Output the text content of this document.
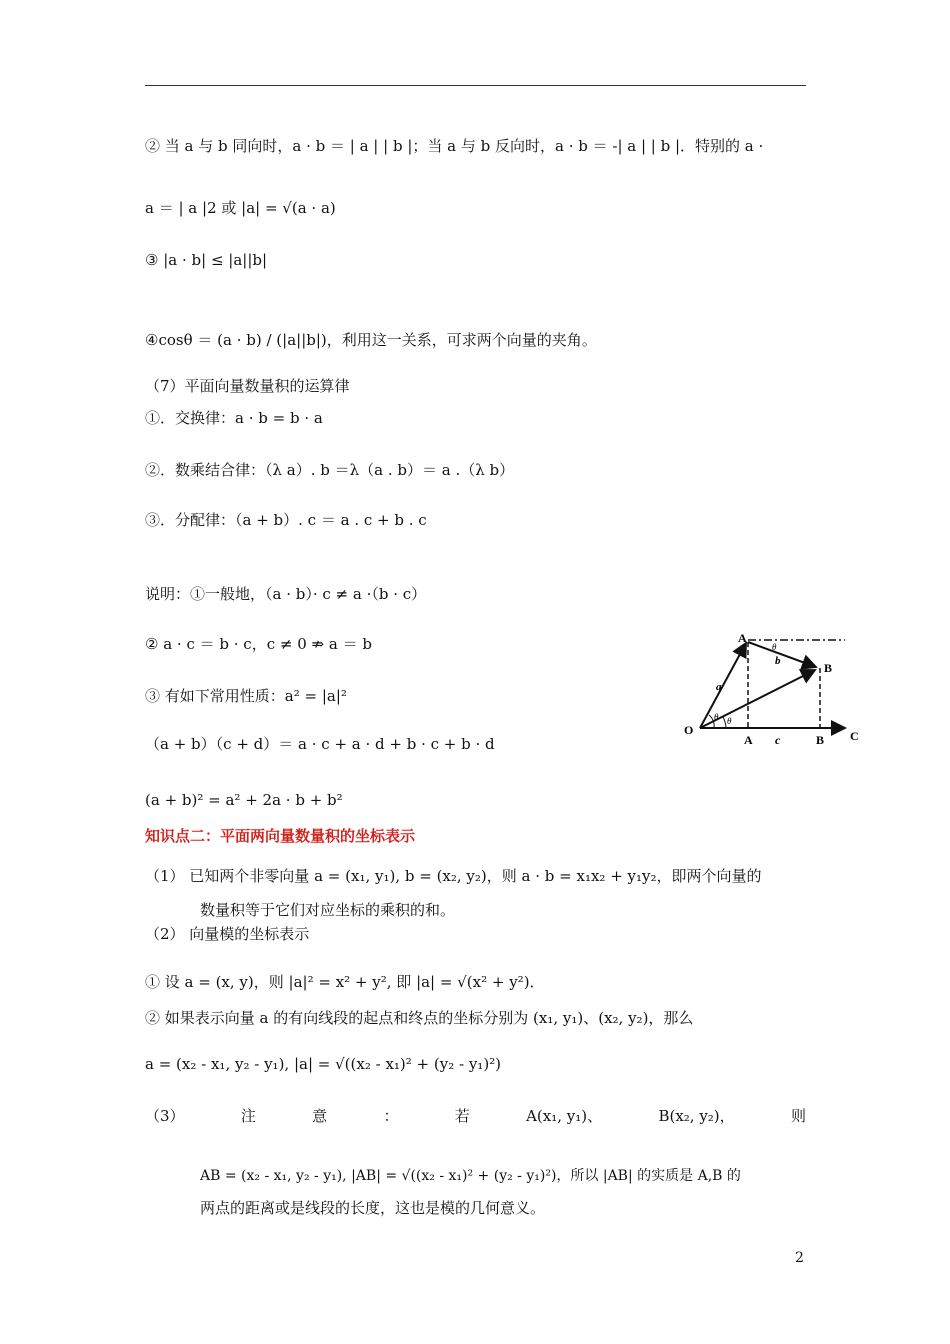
② 当 a 与 b 同向时，a · b ＝ | a | | b |；当 a 与 b 反向时，a · b ＝ -| a | | b |．特别的 a ·
a ＝ | a |2 或 |a| = √(a · a)
③ |a · b| ≤ |a||b|
④cosθ ＝ (a · b) / (|a||b|)，利用这一关系，可求两个向量的夹角。
（7）平面向量数量积的运算律
①．交换律：a · b = b · a
②．数乘结合律：（λ a）. b ＝λ（a . b）＝ a .（λ b）
③．分配律：（a + b）. c ＝ a . c + b . c
说明：①一般地，（a · b）· c ≠ a ·（b · c）
② a · c ＝ b · c，c ≠ 0 ⇏ a ＝ b
③ 有如下常用性质：a² = |a|²
（a + b）（c + d）＝ a · c + a · d + b · c + b · d
(a + b)² = a² + 2a · b + b²
知识点二：平面两向量数量积的坐标表示
（1） 已知两个非零向量 a = (x₁, y₁), b = (x₂, y₂)，则 a · b = x₁x₂ + y₁y₂，即两个向量的
数量积等于它们对应坐标的乘积的和。
（2） 向量模的坐标表示
① 设 a = (x, y)，则 |a|² = x² + y², 即 |a| = √(x² + y²)．
② 如果表示向量 a 的有向线段的起点和终点的坐标分别为 (x₁, y₁)、(x₂, y₂)，那么
a = (x₂ - x₁, y₂ - y₁), |a| = √((x₂ - x₁)² + (y₂ - y₁)²)
（3）	注	意	：	若	A(x₁, y₁)、	B(x₂, y₂)，	则
AB = (x₂ - x₁, y₂ - y₁), |AB| = √((x₂ - x₁)² + (y₂ - y₁)²)，所以 |AB| 的实质是 A,B 的
两点的距离或是线段的长度，这也是模的几何意义。
O
A c	B C
A
B
a
b
θ
θ θ
2
